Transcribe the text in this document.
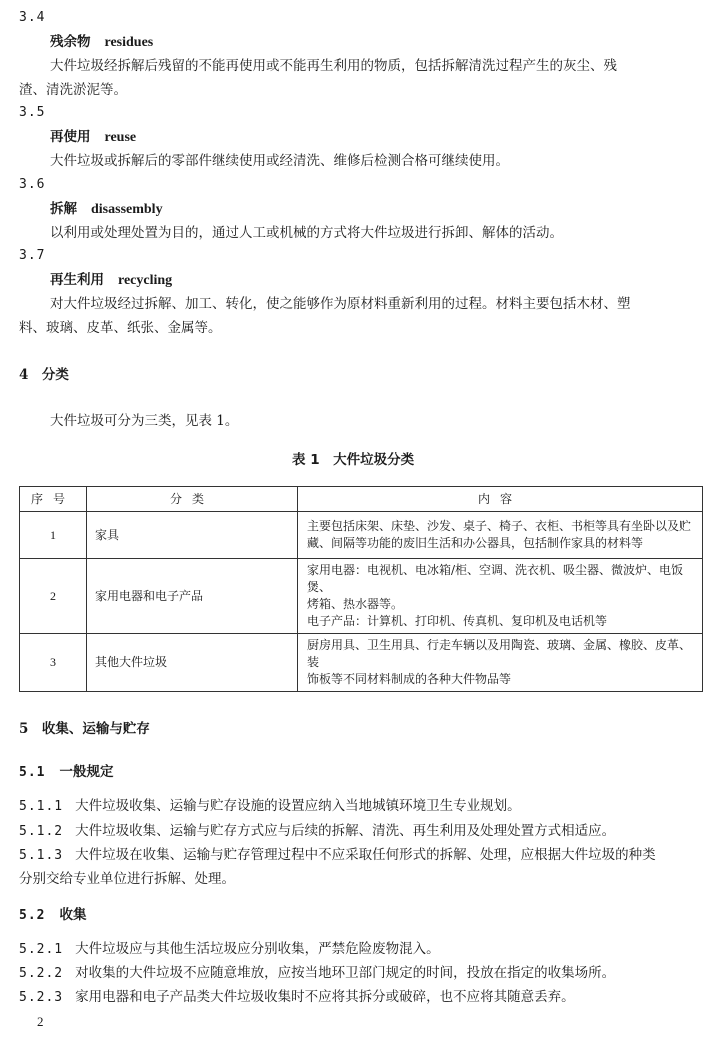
3.4
残余物 residues
大件垃圾经拆解后残留的不能再使用或不能再生利用的物质，包括拆解清洗过程产生的灰尘、残
渣、清洗淤泥等。
3.5
再使用 reuse
大件垃圾或拆解后的零部件继续使用或经清洗、维修后检测合格可继续使用。
3.6
拆解 disassembly
以利用或处理处置为目的，通过人工或机械的方式将大件垃圾进行拆卸、解体的活动。
3.7
再生利用 recycling
对大件垃圾经过拆解、加工、转化，使之能够作为原材料重新利用的过程。材料主要包括木材、塑
料、玻璃、皮革、纸张、金属等。
4　分类
大件垃圾可分为三类，见表 1。
表 1　大件垃圾分类
序号	分类	内容
1	家具	主要包括床架、床垫、沙发、桌子、椅子、衣柜、书柜等具有坐卧以及贮
藏、间隔等功能的废旧生活和办公器具，包括制作家具的材料等

2	家用电器和电子产品	家用电器：电视机、电冰箱/柜、空调、洗衣机、吸尘器、微波炉、电饭煲、
烤箱、热水器等。
电子产品：计算机、打印机、传真机、复印机及电话机等

3	其他大件垃圾	厨房用具、卫生用具、行走车辆以及用陶瓷、玻璃、金属、橡胶、皮革、装
饰板等不同材料制成的各种大件物品等
5　收集、运输与贮存
5.1 一般规定
5.1.1 大件垃圾收集、运输与贮存设施的设置应纳入当地城镇环境卫生专业规划。
5.1.2 大件垃圾收集、运输与贮存方式应与后续的拆解、清洗、再生利用及处理处置方式相适应。
5.1.3 大件垃圾在收集、运输与贮存管理过程中不应采取任何形式的拆解、处理，应根据大件垃圾的种类
分别交给专业单位进行拆解、处理。
5.2 收集
5.2.1 大件垃圾应与其他生活垃圾应分别收集，严禁危险废物混入。
5.2.2 对收集的大件垃圾不应随意堆放，应按当地环卫部门规定的时间，投放在指定的收集场所。
5.2.3 家用电器和电子产品类大件垃圾收集时不应将其拆分或破碎，也不应将其随意丢弃。
2
